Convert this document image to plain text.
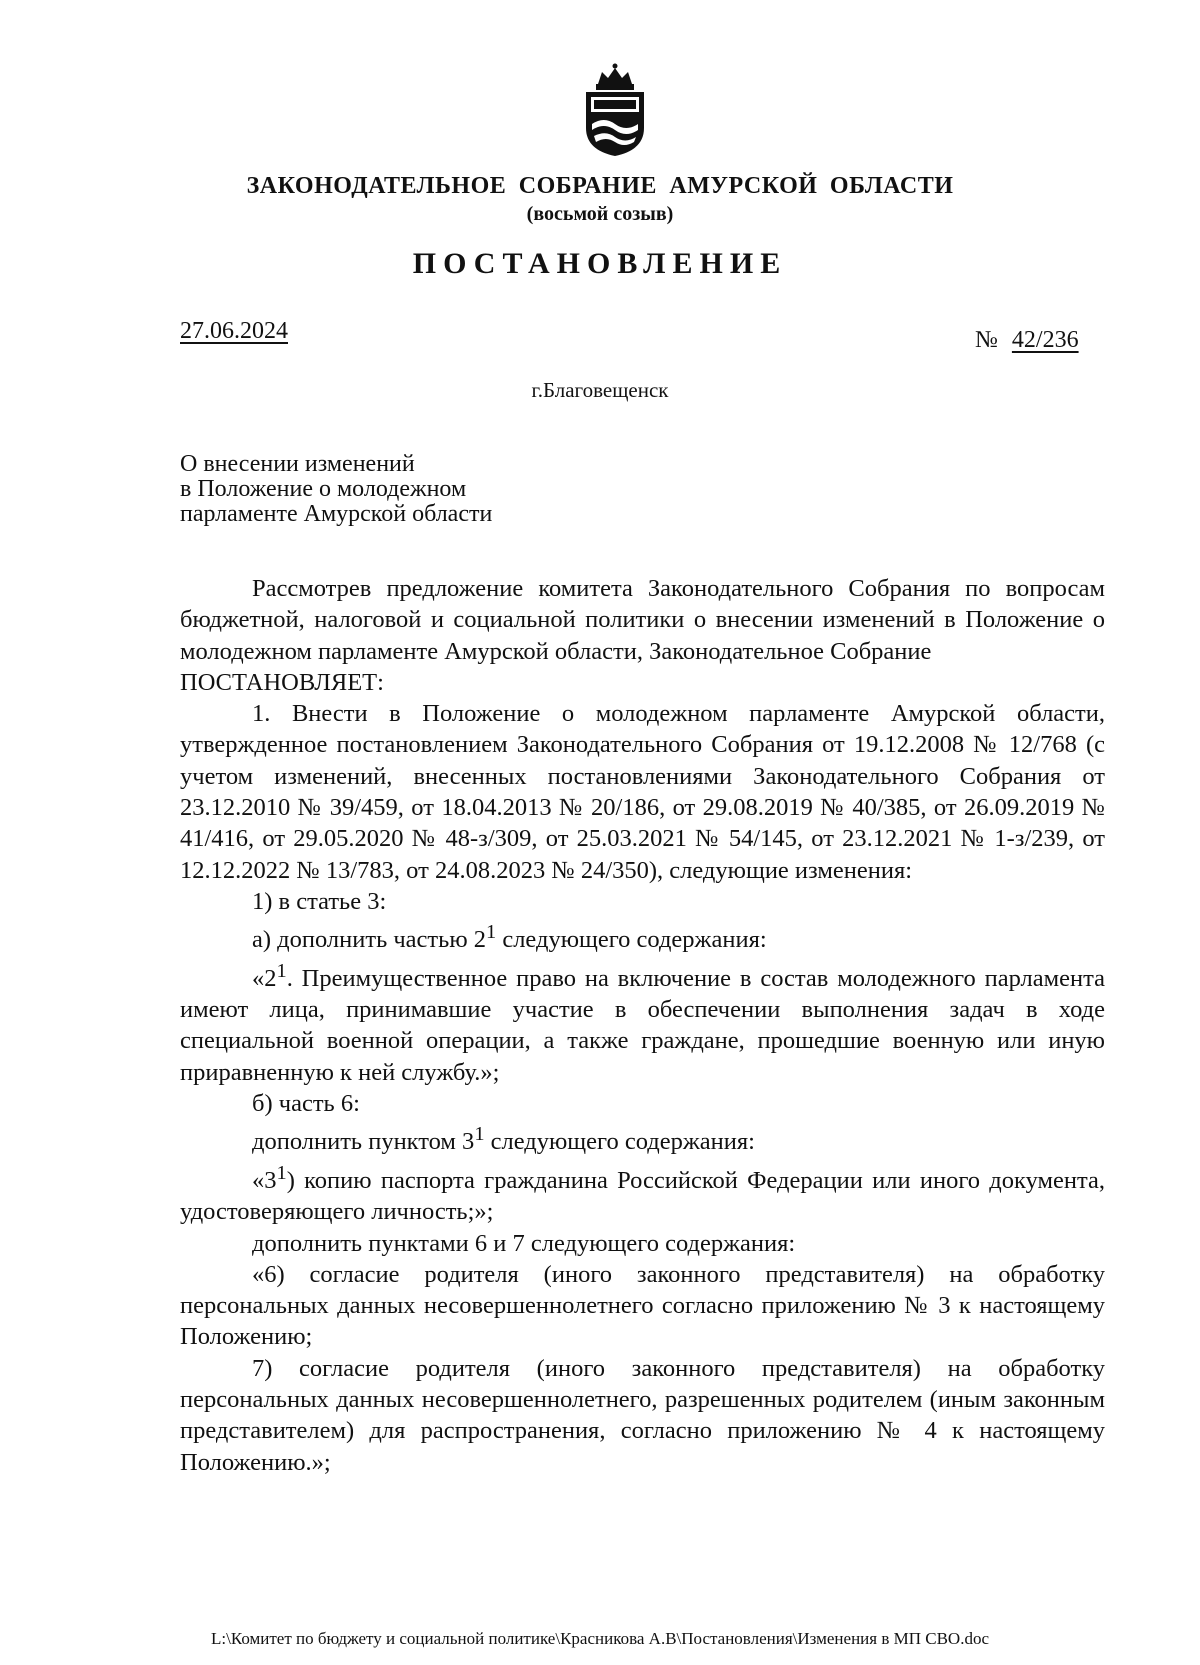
ЗАКОНОДАТЕЛЬНОЕ СОБРАНИЕ АМУРСКОЙ ОБЛАСТИ
(восьмой созыв)
ПОСТАНОВЛЕНИЕ
27.06.2024	№ 42/236
г.Благовещенск
О внесении изменений
в Положение о молодежном
парламенте Амурской области
Рассмотрев предложение комитета Законодательного Собрания по вопросам бюджетной, налоговой и социальной политики о внесении изменений в Положение о молодежном парламенте Амурской области, Законодательное Собрание
ПОСТАНОВЛЯЕТ:
1. Внести в Положение о молодежном парламенте Амурской области, утвержденное постановлением Законодательного Собрания от 19.12.2008 № 12/768 (с учетом изменений, внесенных постановлениями Законодательного Собрания от 23.12.2010 № 39/459, от 18.04.2013 № 20/186, от 29.08.2019 № 40/385, от 26.09.2019 № 41/416, от 29.05.2020 № 48-з/309, от 25.03.2021 № 54/145, от 23.12.2021 № 1-з/239, от 12.12.2022 № 13/783, от 24.08.2023 № 24/350), следующие изменения:
1) в статье 3:
а) дополнить частью $2^1$ следующего содержания:
«$2^1$. Преимущественное право на включение в состав молодежного парламента имеют лица, принимавшие участие в обеспечении выполнения задач в ходе специальной военной операции, а также граждане, прошедшие военную или иную приравненную к ней службу.»;
б) часть 6:
дополнить пунктом $3^1$ следующего содержания:
«$3^1$) копию паспорта гражданина Российской Федерации или иного документа, удостоверяющего личность;»;
дополнить пунктами 6 и 7 следующего содержания:
«6) согласие родителя (иного законного представителя) на обработку персональных данных несовершеннолетнего согласно приложению № 3 к настоящему Положению;
7) согласие родителя (иного законного представителя) на обработку персональных данных несовершеннолетнего, разрешенных родителем (иным законным представителем) для распространения, согласно приложению № 4 к настоящему Положению.»;
L:\Комитет по бюджету и социальной политике\Красникова А.В\Постановления\Изменения в МП СВО.doc
